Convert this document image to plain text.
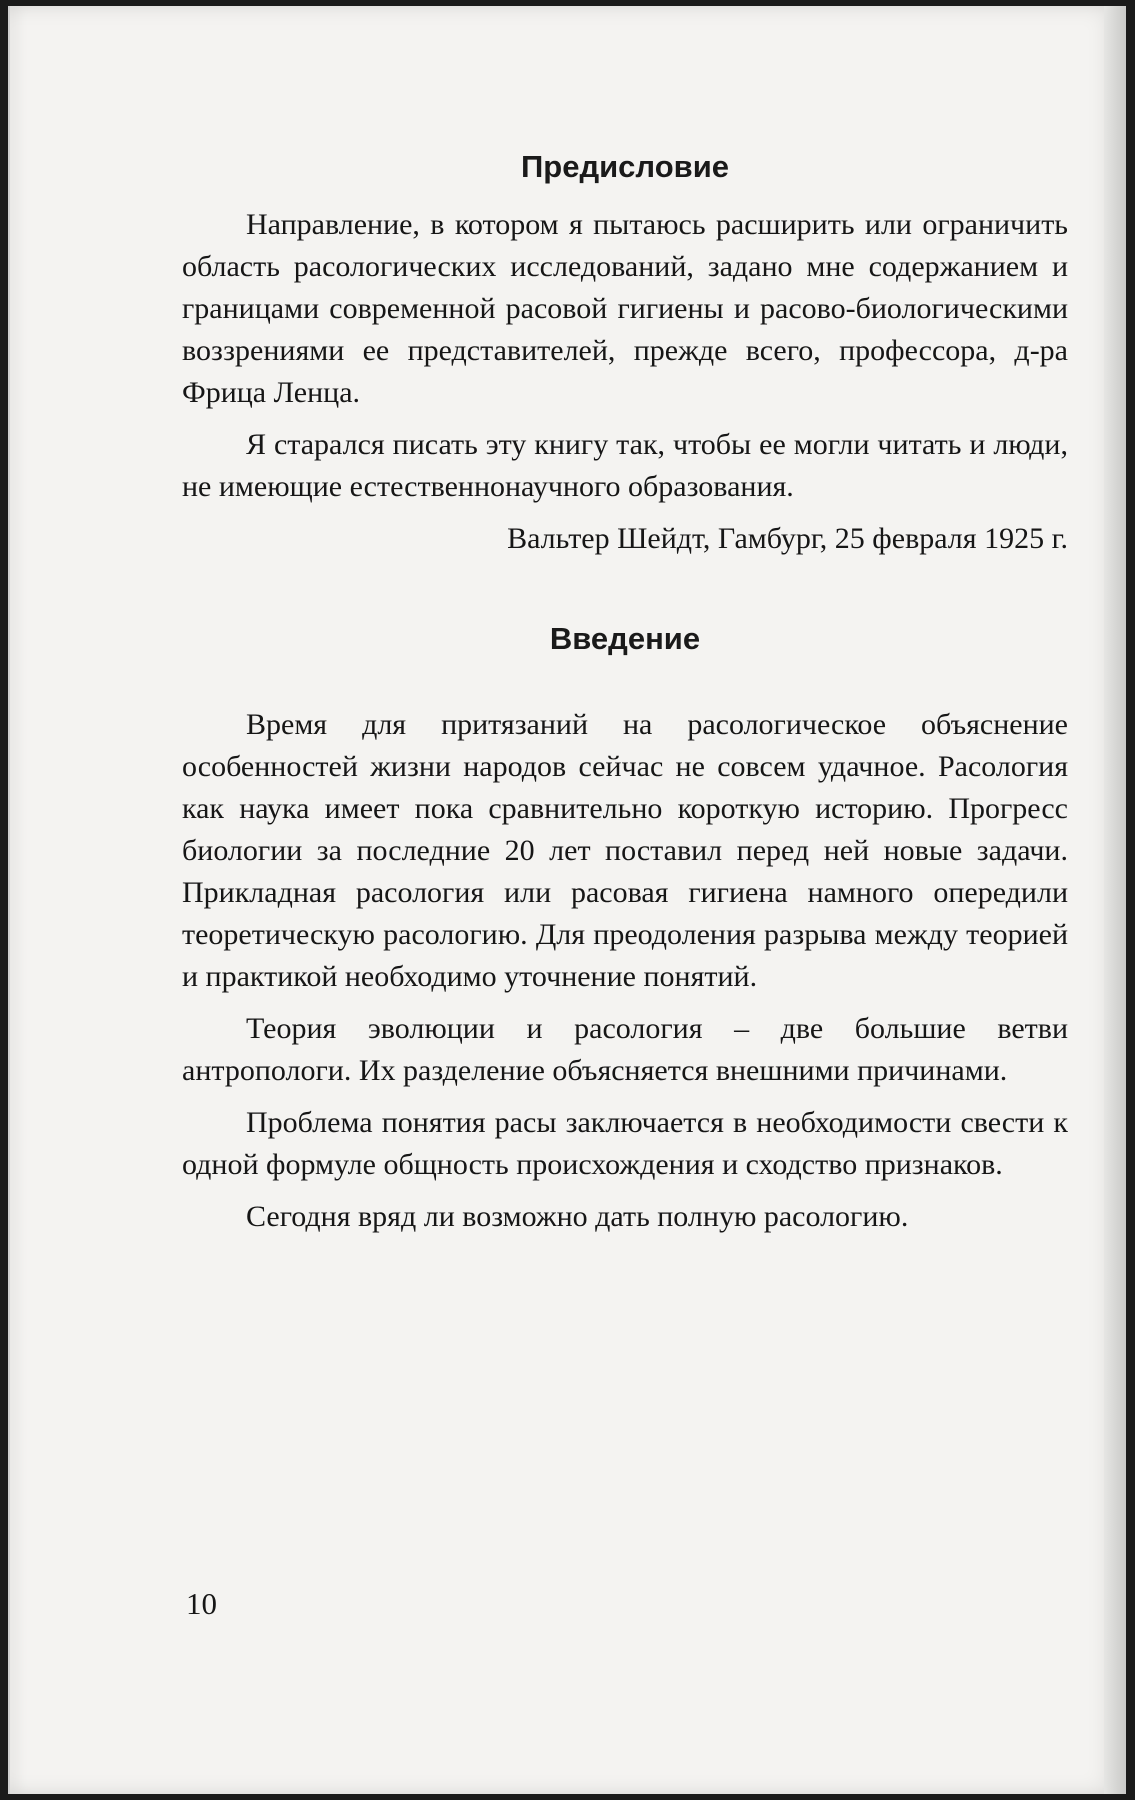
Предисловие

Направление, в котором я пытаюсь расширить или ограничить область расологических исследований, задано мне содержанием и границами современной расовой гигиены и расово-биологическими воззрениями ее представителей, прежде всего, профессора, д-ра Фрица Ленца.

Я старался писать эту книгу так, чтобы ее могли читать и люди, не имеющие естественнонаучного образования.

Вальтер Шейдт, Гамбург, 25 февраля 1925 г.

Введение

Время для притязаний на расологическое объяснение особенностей жизни народов сейчас не совсем удачное. Расология как наука имеет пока сравнительно короткую историю. Прогресс биологии за последние 20 лет поставил перед ней новые задачи. Прикладная расология или расовая гигиена намного опередили теоретическую расологию. Для преодоления разрыва между теорией и практикой необходимо уточнение понятий.

Теория эволюции и расология – две большие ветви антропологи. Их разделение объясняется внешними причинами.

Проблема понятия расы заключается в необходимости свести к одной формуле общность происхождения и сходство признаков.

Сегодня вряд ли возможно дать полную расологию.

10
